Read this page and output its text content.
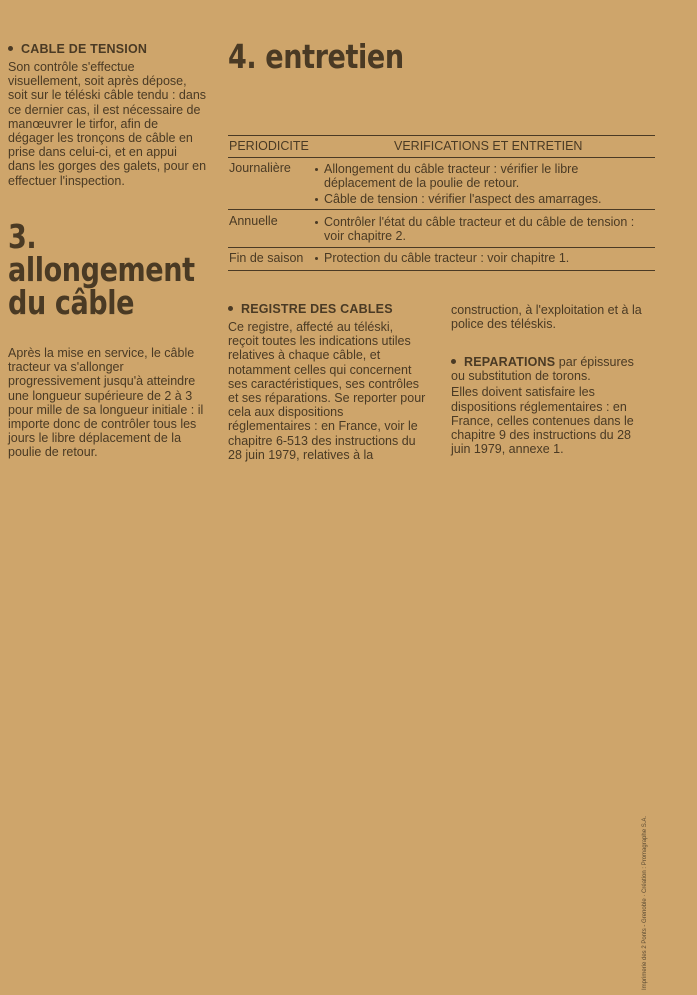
CABLE DE TENSION

Son contrôle s'effectue
visuellement, soit après dépose,
soit sur le téléski câble tendu : dans
ce dernier cas, il est nécessaire de
manœuvrer le tirfor, afin de
dégager les tronçons de câble en
prise dans celui-ci, et en appui
dans les gorges des galets, pour en
effectuer l'inspection.

3.
allongement
du câble

Après la mise en service, le câble
tracteur va s'allonger
progressivement jusqu'à atteindre
une longueur supérieure de 2 à 3
pour mille de sa longueur initiale : il
importe donc de contrôler tous les
jours le libre déplacement de la
poulie de retour.

4. entretien

PERIODICITE	VERIFICATIONS ET ENTRETIEN
Journalière	Allongement du câble tracteur : vérifier le libre
déplacement de la poulie de retour.
Câble de tension : vérifier l'aspect des amarrages.
Annuelle	Contrôler l'état du câble tracteur et du câble de tension :
voir chapitre 2.
Fin de saison	Protection du câble tracteur : voir chapitre 1.
REGISTRE DES CABLES

Ce registre, affecté au téléski,
reçoit toutes les indications utiles
relatives à chaque câble, et
notamment celles qui concernent
ses caractéristiques, ses contrôles
et ses réparations. Se reporter pour
cela aux dispositions
réglementaires : en France, voir le
chapitre 6-513 des instructions du
28 juin 1979, relatives à la

construction, à l'exploitation et à la
police des téléskis.

REPARATIONS par épissures
ou substitution de torons.

Elles doivent satisfaire les
dispositions réglementaires : en
France, celles contenues dans le
chapitre 9 des instructions du 28
juin 1979, annexe 1.

Imprimerie des 2 Ponts - Grenoble · Création : Promagraphe S.A.
